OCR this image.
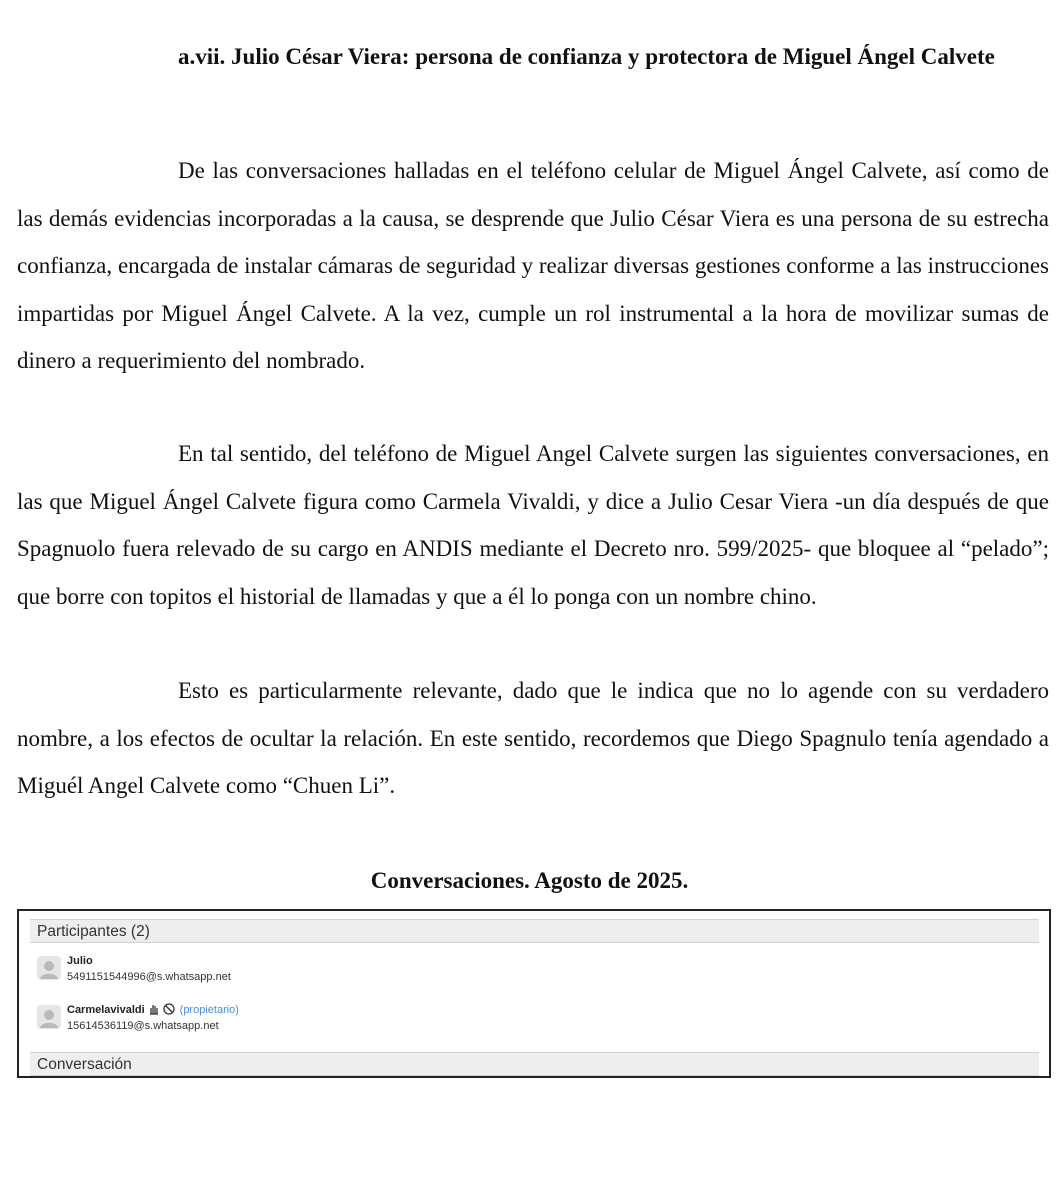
a.vii. Julio César Viera: persona de confianza y protectora de Miguel Ángel Calvete
De las conversaciones halladas en el teléfono celular de Miguel Ángel Calvete, así como de las demás evidencias incorporadas a la causa, se desprende que Julio César Viera es una persona de su estrecha confianza, encargada de instalar cámaras de seguridad y realizar diversas gestiones conforme a las instrucciones impartidas por Miguel Ángel Calvete. A la vez, cumple un rol instrumental a la hora de movilizar sumas de dinero a requerimiento del nombrado.
En tal sentido, del teléfono de Miguel Angel Calvete surgen las siguientes conversaciones, en las que Miguel Ángel Calvete figura como Carmela Vivaldi, y dice a Julio Cesar Viera -un día después de que Spagnuolo fuera relevado de su cargo en ANDIS mediante el Decreto nro. 599/2025- que bloquee al “pelado”; que borre con topitos el historial de llamadas y que a él lo ponga con un nombre chino.
Esto es particularmente relevante, dado que le indica que no lo agende con su verdadero nombre, a los efectos de ocultar la relación. En este sentido, recordemos que Diego Spagnulo tenía agendado a Miguél Angel Calvete como “Chuen Li”.
Conversaciones. Agosto de 2025.
Participantes (2)
Julio
5491151544996@s.whatsapp.net
Carmelavivaldi	(propietario)
15614536119@s.whatsapp.net
Conversación
